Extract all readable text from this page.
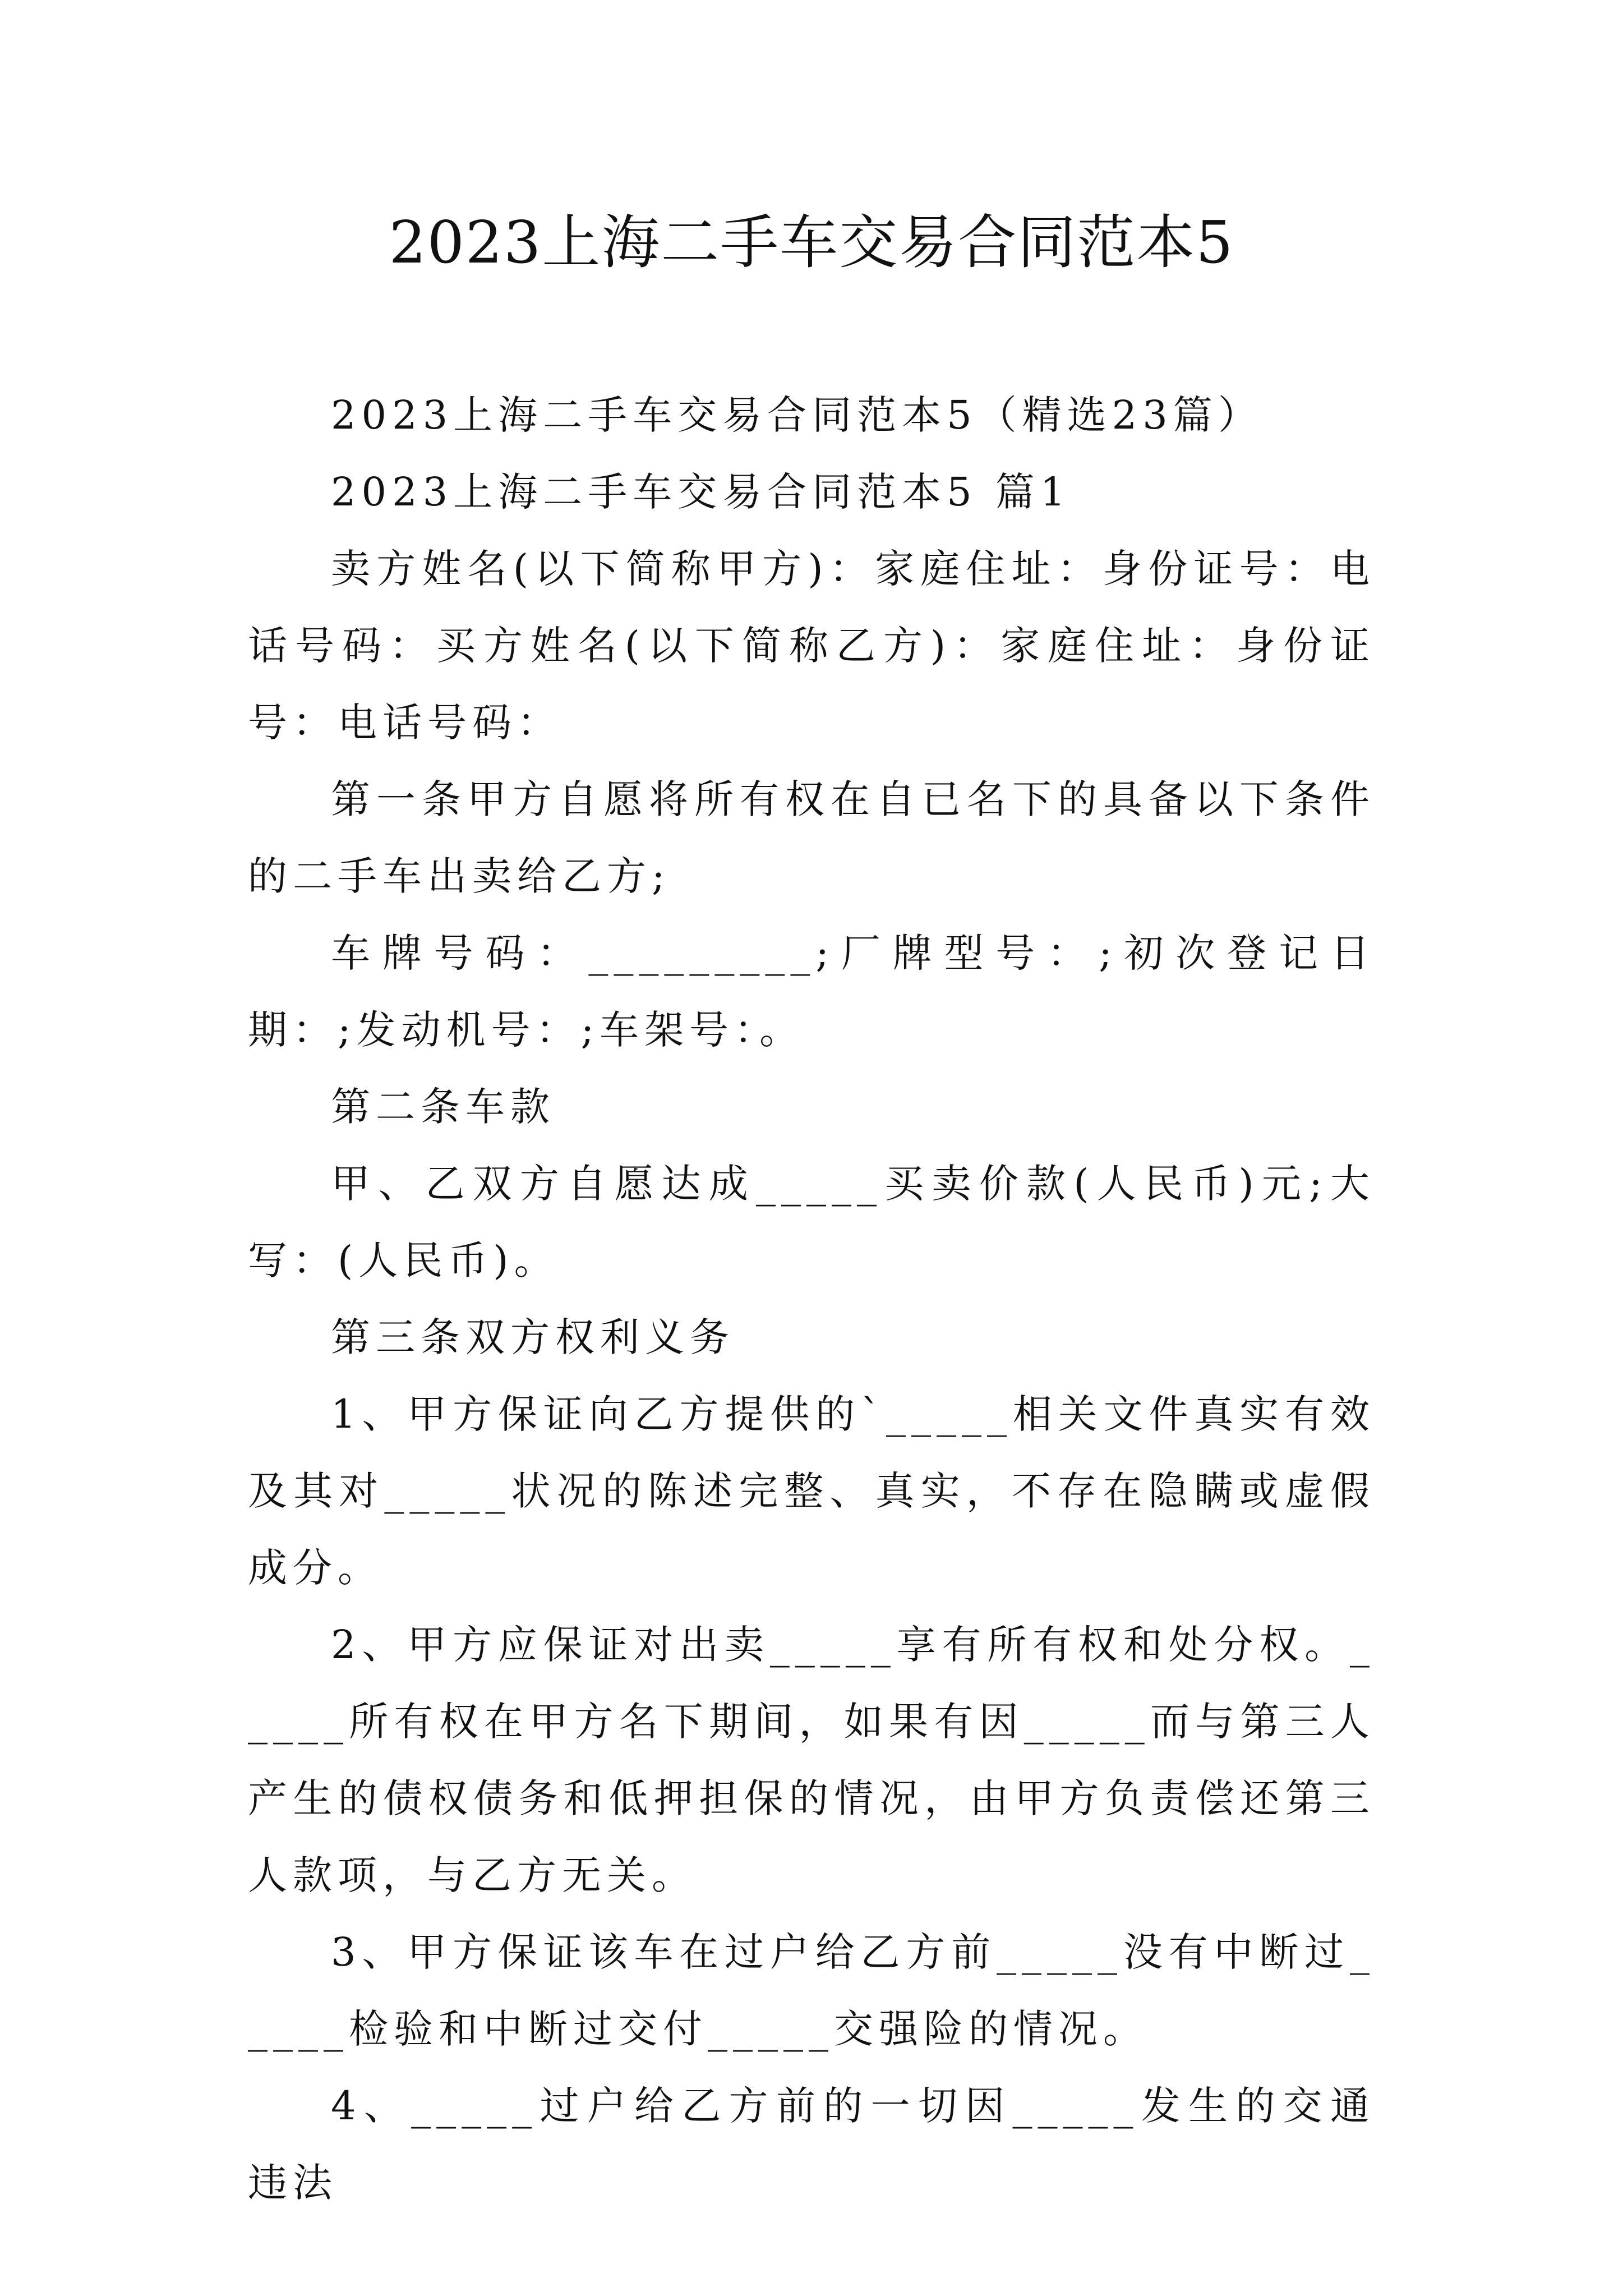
2023上海二手车交易合同范本5

2023上海二手车交易合同范本5（精选23篇）

2023上海二手车交易合同范本5 篇1

卖方姓名(以下简称甲方)：家庭住址：身份证号：电话号码：买方姓名(以下简称乙方)：家庭住址：身份证号：电话号码：

第一条甲方自愿将所有权在自已名下的具备以下条件的二手车出卖给乙方;

车牌号码：_________;厂牌型号：;初次登记日期：;发动机号：;车架号：。

第二条车款

甲、乙双方自愿达成_____买卖价款(人民币)元;大写：(人民币)。

第三条双方权利义务

1、甲方保证向乙方提供的`_____相关文件真实有效及其对_____状况的陈述完整、真实，不存在隐瞒或虚假成分。

2、甲方应保证对出卖_____享有所有权和处分权。_____所有权在甲方名下期间，如果有因_____而与第三人产生的债权债务和低押担保的情况，由甲方负责偿还第三人款项，与乙方无关。

3、甲方保证该车在过户给乙方前_____没有中断过_____检验和中断过交付_____交强险的情况。

4、_____过户给乙方前的一切因_____发生的交通违法
